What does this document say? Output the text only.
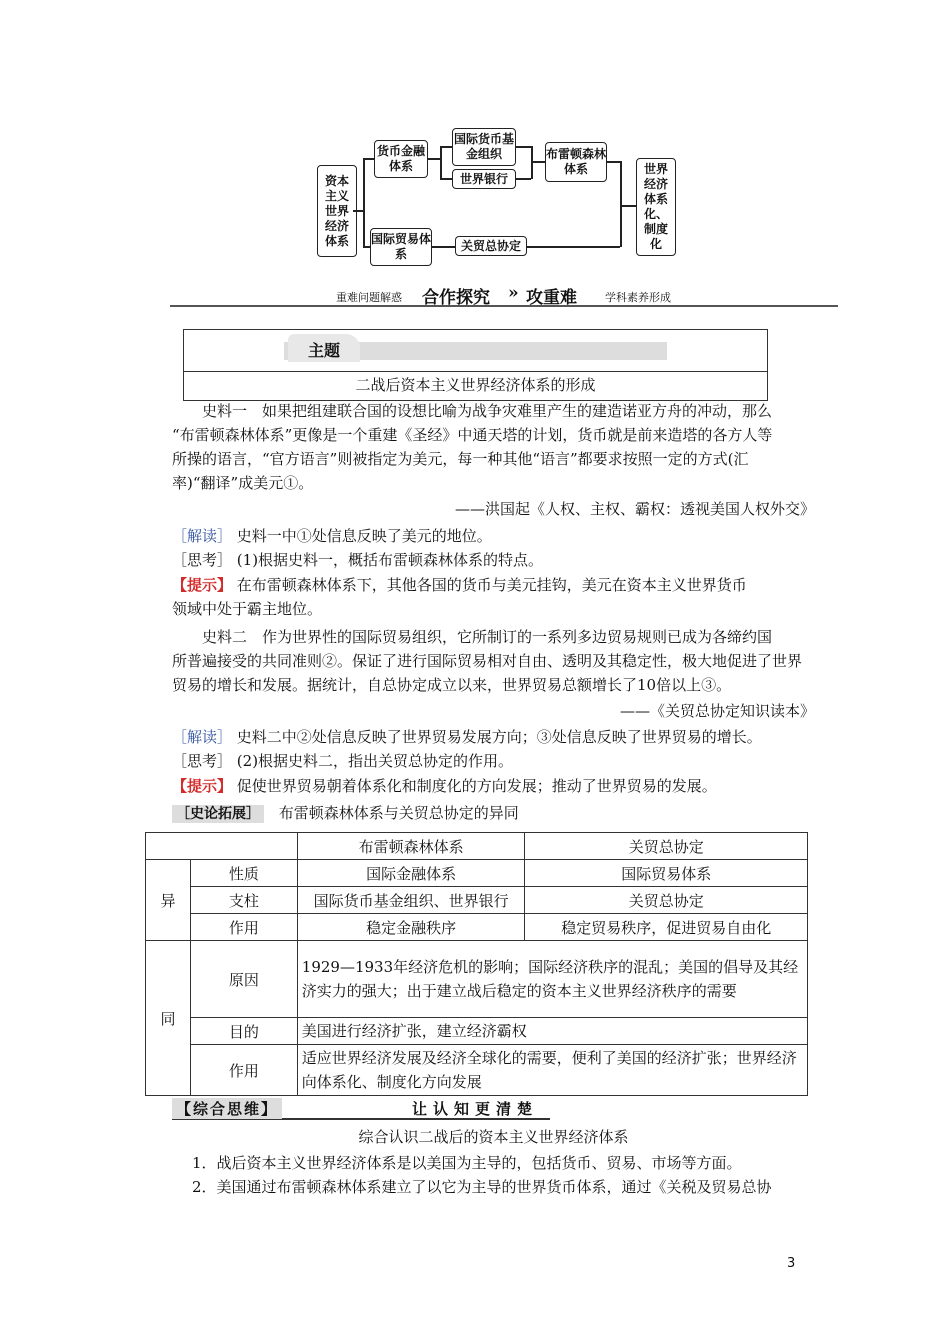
资本主义世界经济体系
货币金融体系
国际货币基金组织
世界银行
布雷顿森林体系
国际贸易体系
关贸总协定
世界经济体系化、制度化
重难问题解惑 合作探究 » 攻重难	学科素养形成
主题
二战后资本主义世界经济体系的形成
史料一　如果把组建联合国的设想比喻为战争灾难里产生的建造诺亚方舟的冲动，那么
“布雷顿森林体系”更像是一个重建《圣经》中通天塔的计划，货币就是前来造塔的各方人等
所操的语言，“官方语言”则被指定为美元，每一种其他“语言”都要求按照一定的方式(汇
率)“翻译”成美元①。
——洪国起《人权、主权、霸权：透视美国人权外交》
［解读］ 史料一中①处信息反映了美元的地位。
［思考］ (1)根据史料一，概括布雷顿森林体系的特点。
【提示】 在布雷顿森林体系下，其他各国的货币与美元挂钩，美元在资本主义世界货币
领域中处于霸主地位。
史料二　作为世界性的国际贸易组织，它所制订的一系列多边贸易规则已成为各缔约国
所普遍接受的共同准则②。保证了进行国际贸易相对自由、透明及其稳定性，极大地促进了世界
贸易的增长和发展。据统计，自总协定成立以来，世界贸易总额增长了10倍以上③。
——《关贸总协定知识读本》
［解读］ 史料二中②处信息反映了世界贸易发展方向；③处信息反映了世界贸易的增长。
［思考］ (2)根据史料二，指出关贸总协定的作用。
【提示】 促使世界贸易朝着体系化和制度化的方向发展；推动了世界贸易的发展。
［史论拓展］ 布雷顿森林体系与关贸总协定的异同
		布雷顿森林体系	关贸总协定
异	性质	国际金融体系	国际贸易体系
	支柱	国际货币基金组织、世界银行	关贸总协定
	作用	稳定金融秩序	稳定贸易秩序，促进贸易自由化
同	原因	1929—1933年经济危机的影响；国际经济秩序的混乱；美国的倡导及其经济实力的强大；出于建立战后稳定的资本主义世界经济秩序的需要	
	目的	美国进行经济扩张，建立经济霸权	
	作用	适应世界经济发展及经济全球化的需要，便利了美国的经济扩张；世界经济向体系化、制度化方向发展	
【综合思维】	让认知更清楚
综合认识二战后的资本主义世界经济体系
1．战后资本主义世界经济体系是以美国为主导的，包括货币、贸易、市场等方面。
2．美国通过布雷顿森林体系建立了以它为主导的世界货币体系，通过《关税及贸易总协
3
